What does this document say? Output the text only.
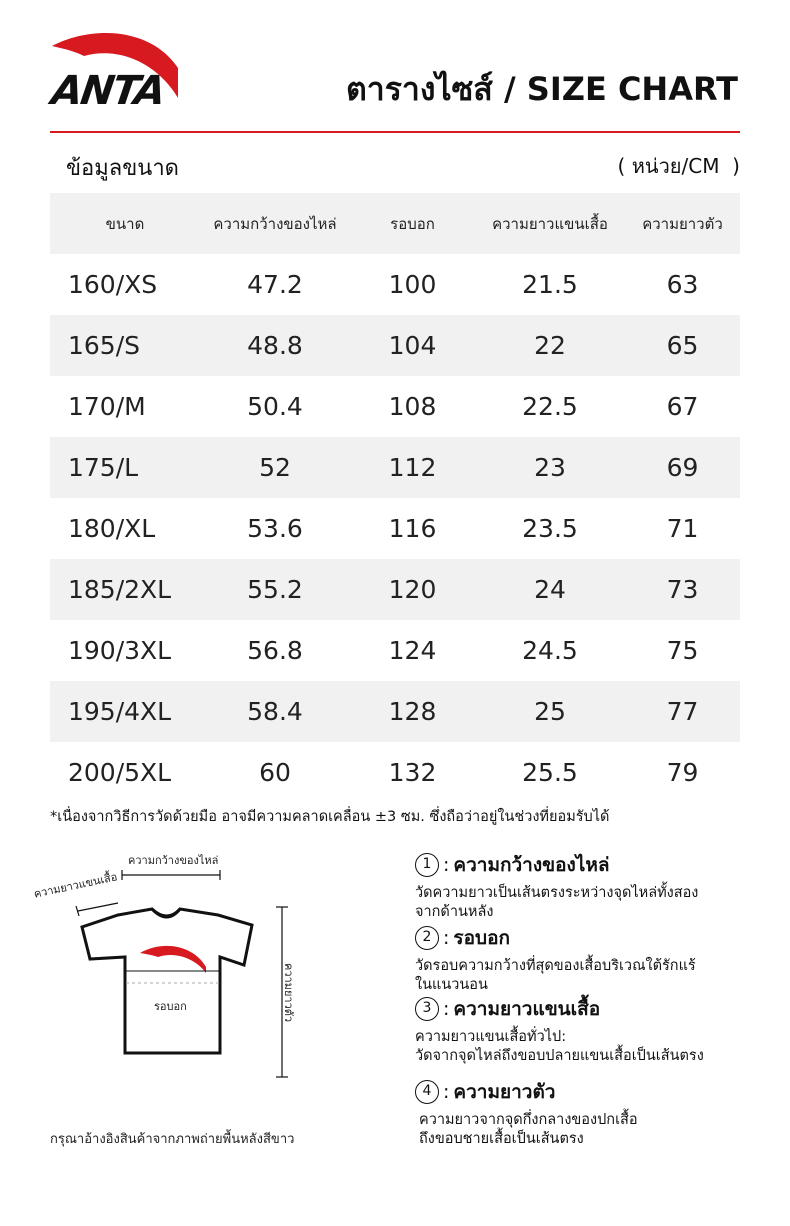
ANTA	ตารางไซส์ / SIZE CHART
ข้อมูลขนาด	( หน่วย/CM  )
ขนาด	ความกว้างของไหล่	รอบอก	ความยาวแขนเสื้อ	ความยาวตัว
160/XS	47.2	100	21.5	63
165/S	48.8	104	22	65
170/M	50.4	108	22.5	67
175/L	52	112	23	69
180/XL	53.6	116	23.5	71
185/2XL	55.2	120	24	73
190/3XL	56.8	124	24.5	75
195/4XL	58.4	128	25	77
200/5XL	60	132	25.5	79
*เนื่องจากวิธีการวัดด้วยมือ อาจมีความคลาดเคลื่อน ±3 ซม. ซึ่งถือว่าอยู่ในช่วงที่ยอมรับได้
ความกว้างของไหล่
ความยาวแขนเสื้อ
รอบอก	ความยาวตัว
กรุณาอ้างอิงสินค้าจากภาพถ่ายพื้นหลังสีขาว
1 : ความกว้างของไหล่
วัดความยาวเป็นเส้นตรงระหว่างจุดไหล่ทั้งสอง
จากด้านหลัง
2 : รอบอก
วัดรอบความกว้างที่สุดของเสื้อบริเวณใต้รักแร้
ในแนวนอน
3 : ความยาวแขนเสื้อ
ความยาวแขนเสื้อทั่วไป:
วัดจากจุดไหล่ถึงขอบปลายแขนเสื้อเป็นเส้นตรง
4 : ความยาวตัว
ความยาวจากจุดกึ่งกลางของปกเสื้อ
ถึงขอบชายเสื้อเป็นเส้นตรง
